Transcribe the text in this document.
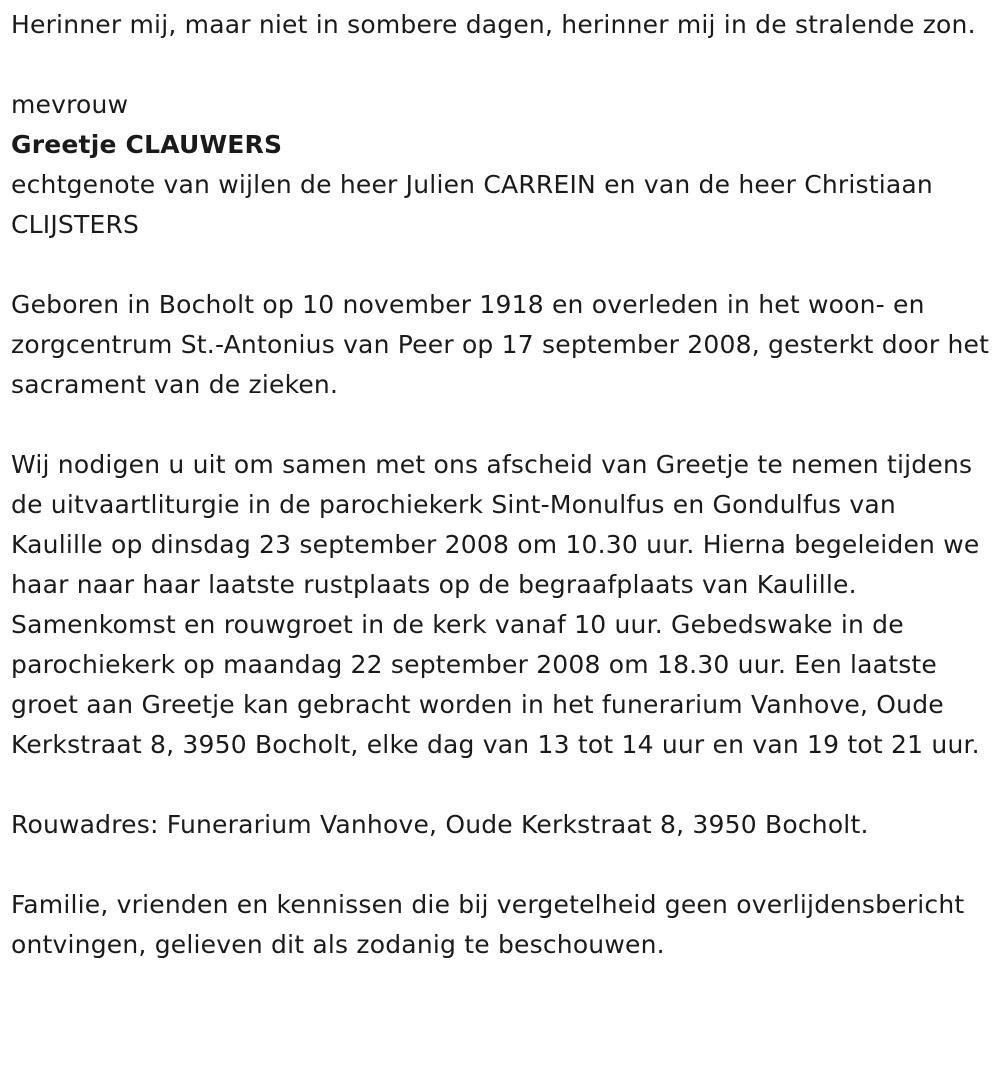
Herinner mij, maar niet in sombere dagen, herinner mij in de stralende zon.

mevrouw

Greetje CLAUWERS

echtgenote van wijlen de heer Julien CARREIN en van de heer Christiaan CLIJSTERS

Geboren in Bocholt op 10 november 1918 en overleden in het woon- en zorgcentrum St.-Antonius van Peer op 17 september 2008, gesterkt door het sacrament van de zieken.

Wij nodigen u uit om samen met ons afscheid van Greetje te nemen tijdens de uitvaartliturgie in de parochiekerk Sint-Monulfus en Gondulfus van Kaulille op dinsdag 23 september 2008 om 10.30 uur. Hierna begeleiden we haar naar haar laatste rustplaats op de begraafplaats van Kaulille. Samenkomst en rouwgroet in de kerk vanaf 10 uur. Gebedswake in de parochiekerk op maandag 22 september 2008 om 18.30 uur. Een laatste groet aan Greetje kan gebracht worden in het funerarium Vanhove, Oude Kerkstraat 8, 3950 Bocholt, elke dag van 13 tot 14 uur en van 19 tot 21 uur.

Rouwadres: Funerarium Vanhove, Oude Kerkstraat 8, 3950 Bocholt.

Familie, vrienden en kennissen die bij vergetelheid geen overlijdensbericht ontvingen, gelieven dit als zodanig te beschouwen.
